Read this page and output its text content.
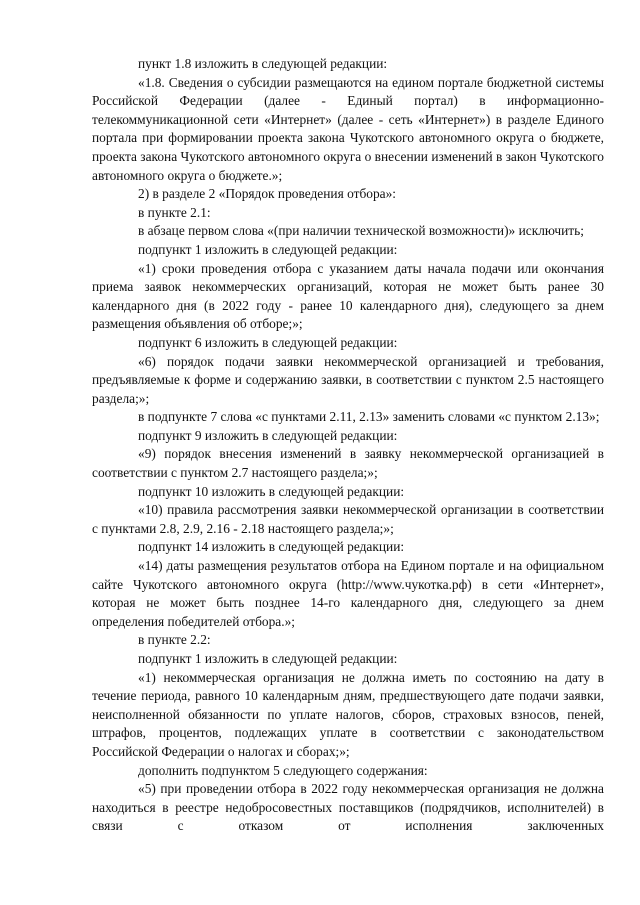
пункт 1.8 изложить в следующей редакции:

«1.8. Сведения о субсидии размещаются на едином портале бюджетной системы Российской Федерации (далее - Единый портал) в информационно-телекоммуникационной сети «Интернет» (далее - сеть «Интернет») в разделе Единого портала при формировании проекта закона Чукотского автономного округа о бюджете, проекта закона Чукотского автономного округа о внесении изменений в закон Чукотского автономного округа о бюджете.»;

2) в разделе 2 «Порядок проведения отбора»:

в пункте 2.1:

в абзаце первом слова «(при наличии технической возможности)» исключить;

подпункт 1 изложить в следующей редакции:

«1) сроки проведения отбора с указанием даты начала подачи или окончания приема заявок некоммерческих организаций, которая не может быть ранее 30 календарного дня (в 2022 году - ранее 10 календарного дня), следующего за днем размещения объявления об отборе;»;

подпункт 6 изложить в следующей редакции:

«6) порядок подачи заявки некоммерческой организацией и требования, предъявляемые к форме и содержанию заявки, в соответствии с пунктом 2.5 настоящего раздела;»;

в подпункте 7 слова «с пунктами 2.11, 2.13» заменить словами «с пунктом 2.13»;

подпункт 9 изложить в следующей редакции:

«9) порядок внесения изменений в заявку некоммерческой организацией в соответствии с пунктом 2.7 настоящего раздела;»;

подпункт 10 изложить в следующей редакции:

«10) правила рассмотрения заявки некоммерческой организации в соответствии с пунктами 2.8, 2.9, 2.16 - 2.18 настоящего раздела;»;

подпункт 14 изложить в следующей редакции:

«14) даты размещения результатов отбора на Едином портале и на официальном сайте Чукотского автономного округа (http://www.чукотка.рф) в сети «Интернет», которая не может быть позднее 14-го календарного дня, следующего за днем определения победителей отбора.»;

в пункте 2.2:

подпункт 1 изложить в следующей редакции:

«1) некоммерческая организация не должна иметь по состоянию на дату в течение периода, равного 10 календарным дням, предшествующего дате подачи заявки, неисполненной обязанности по уплате налогов, сборов, страховых взносов, пеней, штрафов, процентов, подлежащих уплате в соответствии с законодательством Российской Федерации о налогах и сборах;»;

дополнить подпунктом 5 следующего содержания:

«5) при проведении отбора в 2022 году некоммерческая организация не должна находиться в реестре недобросовестных поставщиков (подрядчиков, исполнителей) в связи с отказом от исполнения заключенных
